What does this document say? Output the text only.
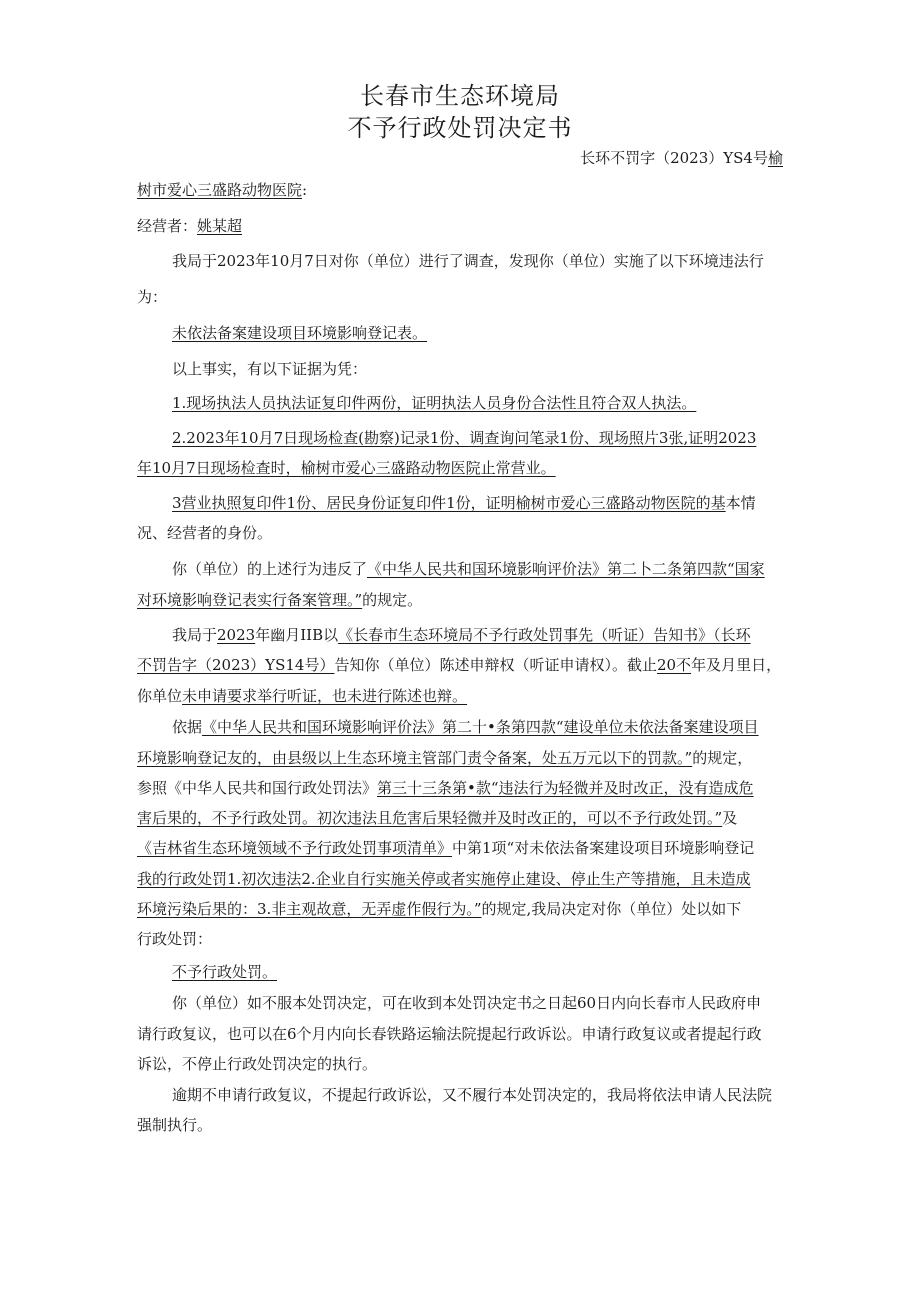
长春市生态环境局
不予行政处罚决定书
长环不罚字（2023）YS4号榆
树市爱心三盛路动物医院:
经营者：姚某超
我局于2023年10月7日对你（单位）进行了调查，发现你（单位）实施了以下环境违法行
为：
未依法备案建设项目环境影响登记表。
以上事实，有以下证据为凭：
1.现场执法人员执法证复印件两份，证明执法人员身份合法性且符合双人执法。
2.2023年10月7日现场检查(勘察)记录1份、调查询问笔录1份、现场照片3张,证明2023
年10月7日现场检查时，榆树市爱心三盛路动物医院止常营业。
3营业执照复印件1份、居民身份证复印件1份，证明榆树市爱心三盛路动物医院的基本情
况、经营者的身份。
你（单位）的上述行为违反了《中华人民共和国环境影响评价法》第二卜二条第四款“国家
对环境影响登记表实行备案管理。”的规定。
我局于2023年幽月IIB以《长春市生态环境局不予行政处罚事先（听证）告知书》（长环
不罚告字（2023）YS14号）告知你（单位）陈述申辩权（听证申请权）。截止20不年及月里日，
你单位未申请要求举行听证，也未进行陈述也辩。
依据《中华人民共和国环境影响评价法》第二十•条第四款“建设单位未依法备案建设项目
环境影响登记友的，由县级以上生态环境主管部门责令备案，处五万元以下的罚款。”的规定，
参照《中华人民共和国行政处罚法》第三十三条第•款“违法行为轻微并及时改正，没有造成危
害后果的，不予行政处罚。初次违法且危害后果轻微并及时改正的，可以不予行政处罚。”及
《吉林省生态环境领域不予行政处罚事项清单》中第1项“对未依法备案建设项目环境影响登记
我的行政处罚1.初次违法2.企业自行实施关停或者实施停止建设、停止生产等措施，且未造成
环境污染后果的：3.非主观故意，无弄虚作假行为。”的规定,我局决定对你（单位）处以如下
行政处罚：
不予行政处罚。
你（单位）如不服本处罚决定，可在收到本处罚决定书之日起60日内向长春市人民政府申
请行政复议，也可以在6个月内向长春铁路运输法院提起行政诉讼。申请行政复议或者提起行政
诉讼，不停止行政处罚决定的执行。
逾期不申请行政复议，不提起行政诉讼，又不履行本处罚决定的，我局将依法申请人民法院
强制执行。
